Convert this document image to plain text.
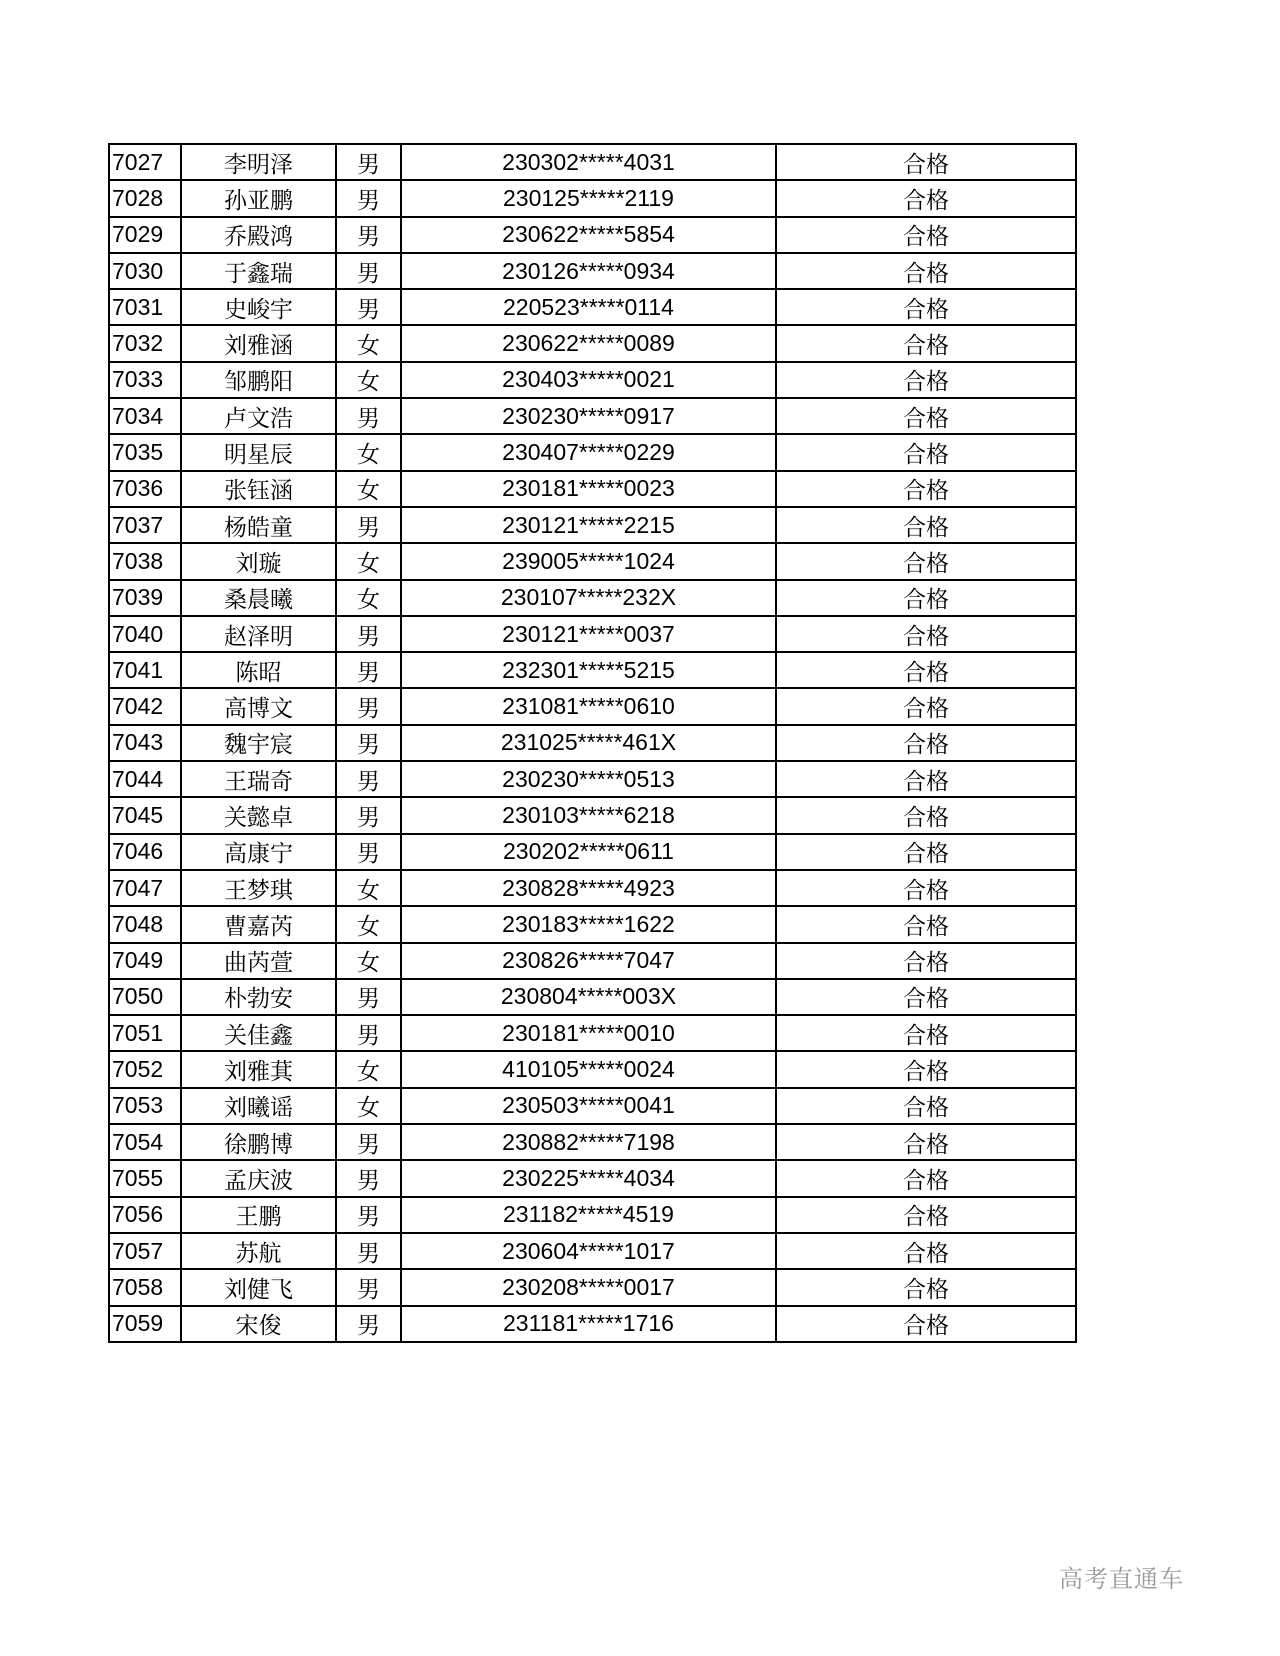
7027	李明泽	男	230302*****4031	合格
7028	孙亚鹏	男	230125*****2119	合格
7029	乔殿鸿	男	230622*****5854	合格
7030	于鑫瑞	男	230126*****0934	合格
7031	史峻宇	男	220523*****0114	合格
7032	刘雅涵	女	230622*****0089	合格
7033	邹鹏阳	女	230403*****0021	合格
7034	卢文浩	男	230230*****0917	合格
7035	明星辰	女	230407*****0229	合格
7036	张钰涵	女	230181*****0023	合格
7037	杨皓童	男	230121*****2215	合格
7038	刘璇	女	239005*****1024	合格
7039	桑晨曦	女	230107*****232X	合格
7040	赵泽明	男	230121*****0037	合格
7041	陈昭	男	232301*****5215	合格
7042	高博文	男	231081*****0610	合格
7043	魏宇宸	男	231025*****461X	合格
7044	王瑞奇	男	230230*****0513	合格
7045	关懿卓	男	230103*****6218	合格
7046	高康宁	男	230202*****0611	合格
7047	王梦琪	女	230828*****4923	合格
7048	曹嘉芮	女	230183*****1622	合格
7049	曲芮萱	女	230826*****7047	合格
7050	朴勃安	男	230804*****003X	合格
7051	关佳鑫	男	230181*****0010	合格
7052	刘雅萁	女	410105*****0024	合格
7053	刘曦谣	女	230503*****0041	合格
7054	徐鹏博	男	230882*****7198	合格
7055	孟庆波	男	230225*****4034	合格
7056	王鹏	男	231182*****4519	合格
7057	苏航	男	230604*****1017	合格
7058	刘健飞	男	230208*****0017	合格
7059	宋俊	男	231181*****1716	合格
高考直通车
